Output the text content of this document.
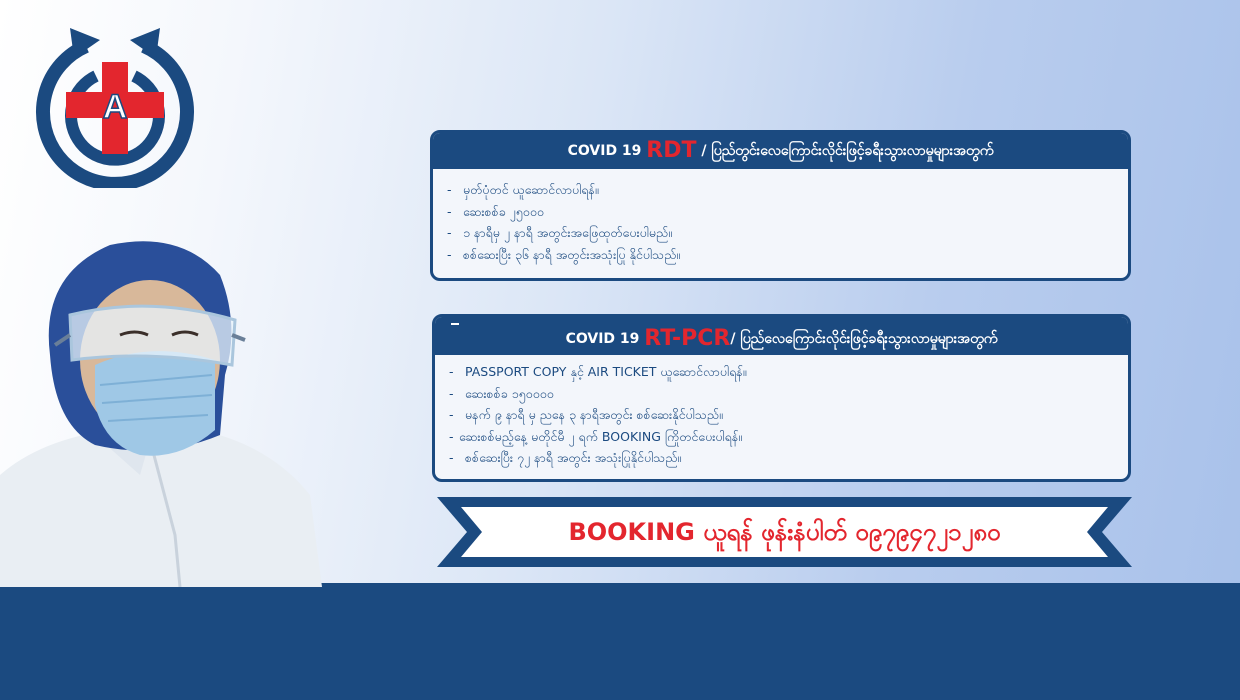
A
COVID 19 RDT / ပြည်တွင်းလေကြောင်းလိုင်းဖြင့်ခရီးသွားလာမှုများအတွက်
- မှတ်ပုံတင် ယူဆောင်လာပါရန်။
- ဆေးစစ်ခ ၂၅၀၀၀
- ၁ နာရီမှ ၂ နာရီ အတွင်းအဖြေထုတ်ပေးပါမည်။
- စစ်ဆေးပြီး ၃၆ နာရီ အတွင်းအသုံးပြု နိုင်ပါသည်။
COVID 19 RT-PCR/ ပြည်လေကြောင်းလိုင်းဖြင့်ခရီးသွားလာမှုများအတွက်
- PASSPORT COPY နှင့် AIR TICKET ယူဆောင်လာပါရန်။
- ဆေးစစ်ခ ၁၅၀၀၀၀
- မနက် ၉ နာရီ မှ ညနေ ၃ နာရီအတွင်း စစ်ဆေးနိုင်ပါသည်။
- ဆေးစစ်မည့်နေ့ မတိုင်မီ ၂ ရက် BOOKING ကြိုတင်ပေးပါရန်။
- စစ်ဆေးပြီး ၇၂ နာရီ အတွင်း အသုံးပြုနိုင်ပါသည်။
BOOKING ယူရန် ဖုန်းနံပါတ် ၀၉၇၉၄၇၂၁၂၈၀
